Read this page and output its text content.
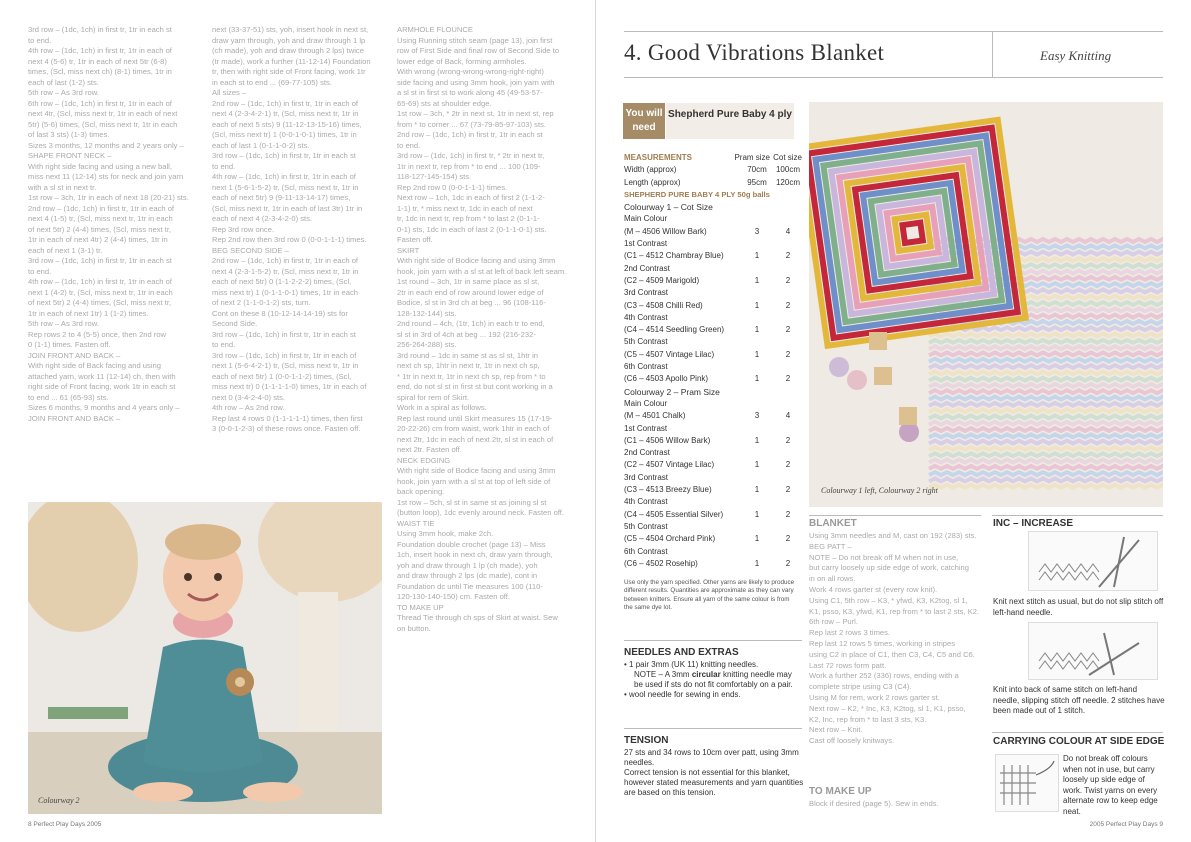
3rd row – (1dc, 1ch) in first tr, 1tr in each st
to end.
4th row – (1dc, 1ch) in first tr, 1tr in each of
next 4 (5-6) tr, 1tr in each of next 5tr (6-8)
times, (Scl, miss next ch) (8-1) times, 1tr in
each of last (1-2) sts.
5th row – As 3rd row.
6th row – (1dc, 1ch) in first tr, 1tr in each of
next 4tr, (Scl, miss next tr, 1tr in each of next
5tr) (5-6) times, (Scl, miss next tr, 1tr in each
of last 3 sts) (1-3) times.
Sizes 3 months, 12 months and 2 years only –
SHAPE FRONT NECK –
With right side facing and using a new ball,
miss next 11 (12-14) sts for neck and join yarn
with a sl st in next tr.
1st row – 3ch, 1tr in each of next 18 (20-21) sts.
2nd row – (1dc, 1ch) in first tr, 1tr in each of
next 4 (1-5) tr, (Scl, miss next tr, 1tr in each
of next 5tr) 2 (4-4) times, (Scl, miss next tr,
1tr in each of next 4tr) 2 (4-4) times, 1tr in
each of next 1 (3-1) tr.
3rd row – (1dc, 1ch) in first tr, 1tr in each st
to end.
4th row – (1dc, 1ch) in first tr, 1tr in each of
next 1 (4-2) tr, (Scl, miss next tr, 1tr in each
of next 5tr) 2 (4-4) times, (Scl, miss next tr,
1tr in each of next 1tr) 1 (1-2) times.
5th row – As 3rd row.
Rep rows 2 to 4 (5-5) once, then 2nd row
0 (1-1) times. Fasten off.
JOIN FRONT AND BACK –
With right side of Back facing and using
attached yarn, work 11 (12-14) ch, then with
right side of Front facing, work 1tr in each st
to end ... 61 (65-93) sts.
Sizes 6 months, 9 months and 4 years only –
JOIN FRONT AND BACK –
next (33-37-51) sts, yoh, insert hook in next st,
draw yarn through, yoh and draw through 1 lp
(ch made), yoh and draw through 2 lps) twice
(tr made), work a further (11-12-14) Foundation
tr, then with right side of Front facing, work 1tr
in each st to end ... (69-77-105) sts.
All sizes –
2nd row – (1dc, 1ch) in first tr, 1tr in each of
next 4 (2-3-4-2-1) tr, (Scl, miss next tr, 1tr in
each of next 5 sts) 9 (11-12-13-15-16) times,
(Scl, miss next tr) 1 (0-0-1-0-1) times, 1tr in
each of last 1 (0-1-1-0-2) sts.
3rd row – (1dc, 1ch) in first tr, 1tr in each st
to end.
4th row – (1dc, 1ch) in first tr, 1tr in each of
next 1 (5-6-1-5-2) tr, (Scl, miss next tr, 1tr in
each of next 5tr) 9 (9-11-13-14-17) times,
(Scl, miss next tr, 1tr in each of last 3tr) 1tr in
each of next 4 (2-3-4-2-0) sts.
Rep 3rd row once.
Rep 2nd row then 3rd row 0 (0-0-1-1-1) times.
BEG SECOND SIDE –
2nd row – (1dc, 1ch) in first tr, 1tr in each of
next 4 (2-3-1-5-2) tr, (Scl, miss next tr, 1tr in
each of next 5tr) 0 (1-1-2-2-2) times, (Scl,
miss next tr) 1 (0-1-1-0-1) times, 1tr in each
of next 2 (1-1-0-1-2) sts, turn.
Cont on these 8 (10-12-14-14-19) sts for
Second Side.
3rd row – (1dc, 1ch) in first tr, 1tr in each st
to end.
3rd row – (1dc, 1ch) in first tr, 1tr in each of
next 1 (5-6-4-2-1) tr, (Scl, miss next tr, 1tr in
each of next 5tr) 1 (0-0-1-1-2) times, (Scl,
miss next tr) 0 (1-1-1-1-0) times, 1tr in each of
next 0 (3-4-2-4-0) sts.
4th row – As 2nd row.
Rep last 4 rows 0 (1-1-1-1-1) times, then first
3 (0-0-1-2-3) of these rows once. Fasten off.
ARMHOLE FLOUNCE
Using Running stitch seam (page 13), join first
row of First Side and final row of Second Side to
lower edge of Back, forming armholes.
With wrong (wrong-wrong-wrong-right-right)
side facing and using 3mm hook, join yarn with
a sl st in first st to work along 45 (49-53-57-
65-69) sts at shoulder edge.
1st row – 3ch, * 2tr in next st, 1tr in next st, rep
from * to corner ... 67 (73-79-85-97-103) sts.
2nd row – (1dc, 1ch) in first tr, 1tr in each st
to end.
3rd row – (1dc, 1ch) in first tr, * 2tr in next tr,
1tr in next tr, rep from * to end ... 100 (109-
118-127-145-154) sts.
Rep 2nd row 0 (0-0-1-1-1) times.
Next row – 1ch, 1dc in each of first 2 (1-1-2-
1-1) tr, * miss next tr, 1dc in each of next
tr, 1dc in next tr, rep from * to last 2 (0-1-1-
0-1) sts, 1dc in each of last 2 (0-1-1-0-1) sts.
Fasten off.
SKIRT
With right side of Bodice facing and using 3mm
hook, join yarn with a sl st at left of back left seam.
1st round – 3ch, 1tr in same place as sl st,
2tr in each end of row around lower edge of
Bodice, sl st in 3rd ch at beg ... 96 (108-116-
128-132-144) sts.
2nd round – 4ch, (1tr, 1ch) in each tr to end,
sl st in 3rd of 4ch at beg ... 192 (216-232-
256-264-288) sts.
3rd round – 1dc in same st as sl st, 1htr in
next ch sp, 1htr in next tr, 1tr in next ch sp,
* 1tr in next tr, 1tr in next ch sp, rep from * to
end, do not sl st in first st but cont working in a
spiral for rem of Skirt.
Work in a spiral as follows.
Rep last round until Skirt measures 15 (17-19-
20-22-26) cm from waist, work 1htr in each of
next 2tr, 1dc in each of next 2tr, sl st in each of
next 2tr. Fasten off.
NECK EDGING
With right side of Bodice facing and using 3mm
hook, join yarn with a sl st at top of left side of
back opening.
1st row – 5ch, sl st in same st as joining sl st
(button loop), 1dc evenly around neck. Fasten off.
WAIST TIE
Using 3mm hook, make 2ch.
Foundation double crochet (page 13) – Miss
1ch, insert hook in next ch, draw yarn through,
yoh and draw through 1 lp (ch made), yoh
and draw through 2 lps (dc made), cont in
Foundation dc until Tie measures 100 (110-
120-130-140-150) cm. Fasten off.
TO MAKE UP
Thread Tie through ch sps of Skirt at waist. Sew
on button.
Colourway 2
8 Perfect Play Days 2005
4. Good Vibrations Blanket	Easy Knitting
You will need
Shepherd Pure Baby 4 ply
MEASUREMENTS	Pram size Cot size
Width (approx)	70cm	100cm
Length (approx)	95cm	120cm
SHEPHERD PURE BABY 4 PLY 50g balls
Colourway 1 – Cot Size
Main Colour
(M – 4506 Willow Bark)	3	4
1st Contrast
(C1 – 4512 Chambray Blue)	1	2
2nd Contrast
(C2 – 4509 Marigold)	1	2
3rd Contrast
(C3 – 4508 Chilli Red)	1	2
4th Contrast
(C4 – 4514 Seedling Green)	1	2
5th Contrast
(C5 – 4507 Vintage Lilac)	1	2
6th Contrast
(C6 – 4503 Apollo Pink)	1	2
Colourway 2 – Pram Size
Main Colour
(M – 4501 Chalk)	3	4
1st Contrast
(C1 – 4506 Willow Bark)	1	2
2nd Contrast
(C2 – 4507 Vintage Lilac)	1	2
3rd Contrast
(C3 – 4513 Breezy Blue)	1	2
4th Contrast
(C4 – 4505 Essential Silver)	1	2
5th Contrast
(C5 – 4504 Orchard Pink)	1	2
6th Contrast
(C6 – 4502 Rosehip)	1	2
Use only the yarn specified. Other yarns are likely to produce different results. Quantities are approximate as they can vary between knitters. Ensure all yarn of the same colour is from the same dye lot.
NEEDLES AND EXTRAS
• 1 pair 3mm (UK 11) knitting needles.
NOTE – A 3mm circular knitting needle may be used if sts do not fit comfortably on a pair.
• wool needle for sewing in ends.
TENSION
27 sts and 34 rows to 10cm over patt, using 3mm needles.
Correct tension is not essential for this blanket, however stated measurements and yarn quantities are based on this tension.
Colourway 1 left, Colourway 2 right
BLANKET
Using 3mm needles and M, cast on 192 (283) sts.
BEG PATT –
NOTE – Do not break off M when not in use,
but carry loosely up side edge of work, catching
in on all rows.
Work 4 rows garter st (every row knit).
Using C1, 5th row – K3, * yfwd, K3, K2tog, sl 1,
K1, psso, K3, yfwd, K1, rep from * to last 2 sts, K2.
6th row – Purl.
Rep last 2 rows 3 times.
Rep last 12 rows 5 times, working in stripes
using C2 in place of C1, then C3, C4, C5 and C6.
Last 72 rows form patt.
Work a further 252 (336) rows, ending with a
complete stripe using C3 (C4).
Using M for rem, work 2 rows garter st.
Next row – K2, * Inc, K3, K2tog, sl 1, K1, psso,
K2, Inc, rep from * to last 3 sts, K3.
Next row – Knit.
Cast off loosely knitways.
TO MAKE UP
Block if desired (page 5). Sew in ends.
INC – INCREASE
Knit next stitch as usual, but do not slip stitch off left-hand needle.
Knit into back of same stitch on left-hand needle, slipping stitch off needle. 2 stitches have been made out of 1 stitch.
CARRYING COLOUR AT SIDE EDGE
Do not break off colours when not in use, but carry loosely up side edge of work. Twist yarns on every alternate row to keep edge neat.
2005 Perfect Play Days 9
